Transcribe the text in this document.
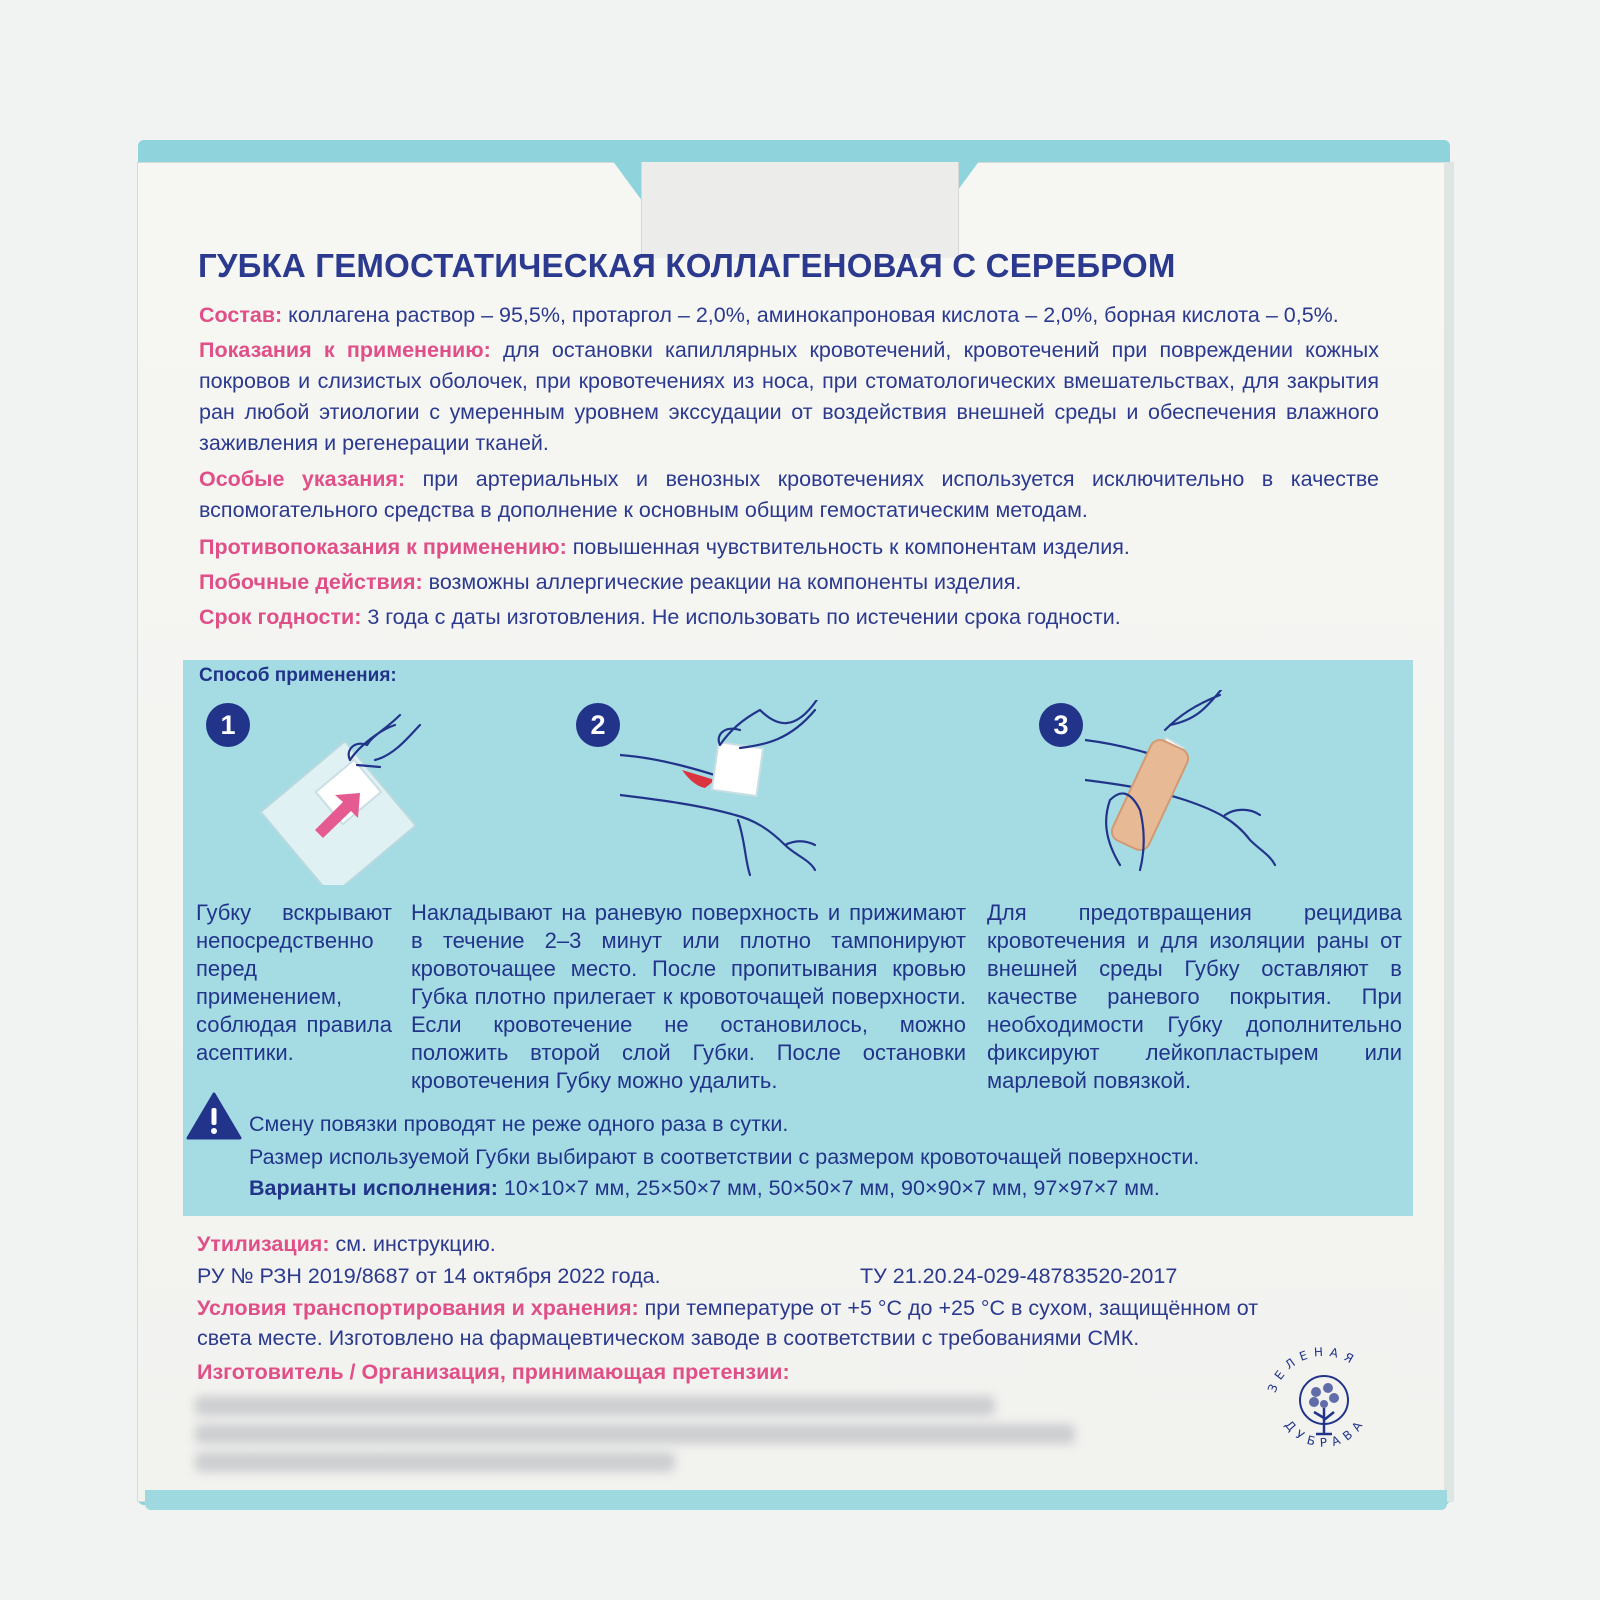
ГУБКА ГЕМОСТАТИЧЕСКАЯ КОЛЛАГЕНОВАЯ С СЕРЕБРОМ
Состав: коллагена раствор – 95,5%, протаргол – 2,0%, аминокапроновая кислота – 2,0%, борная кислота – 0,5%.
Показания к применению: для остановки капиллярных кровотечений, кровотечений при повреждении кожных покровов и слизистых оболочек, при кровотечениях из носа, при стоматологических вмешательствах, для закрытия ран любой этиологии с умеренным уровнем экссудации от воздействия внешней среды и обеспечения влажного заживления и регенерации тканей.
Особые указания: при артериальных и венозных кровотечениях используется исключительно в качестве вспомогательного средства в дополнение к основным общим гемостатическим методам.
Противопоказания к применению: повышенная чувствительность к компонентам изделия.
Побочные действия: возможны аллергические реакции на компоненты изделия.
Срок годности: 3 года с даты изготовления. Не использовать по истечении срока годности.
Способ применения:
1	2	3
Губку вскрывают непосредственно перед применением, соблюдая правила асептики.
Накладывают на раневую поверхность и прижимают в течение 2–3 минут или плотно тампонируют кровоточащее место. После пропитывания кровью Губка плотно прилегает к кровоточащей поверхности. Если кровотечение не остановилось, можно положить второй слой Губки. После остановки кровотечения Губку можно удалить.
Для предотвращения рецидива кровотечения и для изоляции раны от внешней среды Губку оставляют в качестве раневого покрытия. При необходимости Губку дополнительно фиксируют лейкопластырем или марлевой повязкой.
Смену повязки проводят не реже одного раза в сутки.
Размер используемой Губки выбирают в соответствии с размером кровоточащей поверхности.
Варианты исполнения: 10×10×7 мм, 25×50×7 мм, 50×50×7 мм, 90×90×7 мм, 97×97×7 мм.
Утилизация: см. инструкцию.
РУ № РЗН 2019/8687 от 14 октября 2022 года.	ТУ 21.20.24-029-48783520-2017
Условия транспортирования и хранения: при температуре от +5 °С до +25 °С в сухом, защищённом от
света месте. Изготовлено на фармацевтическом заводе в соответствии с требованиями СМК.
Изготовитель / Организация, принимающая претензии:
ЗЕЛЕНАЯ
ДУБРАВА
